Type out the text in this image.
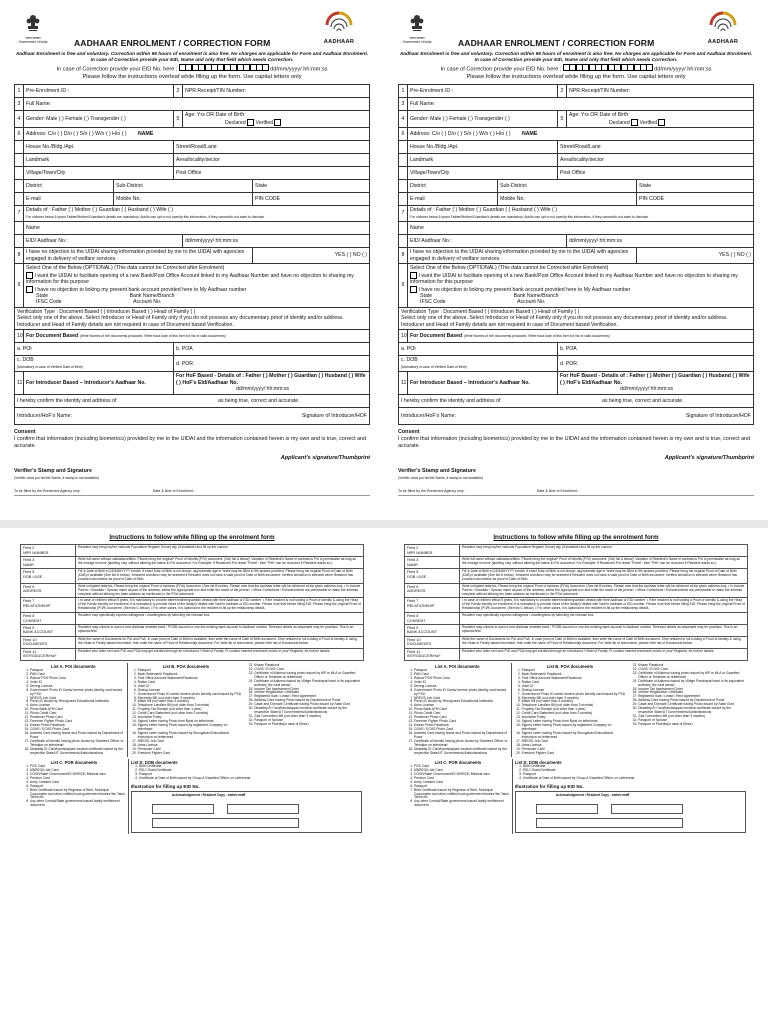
भारत सरकार
Government of India	AADHAAR ENROLMENT / CORRECTION FORM	AADHAAR
Aadhaar Enrolment is free and voluntary. Correction within 96 hours of enrolment is also free. No charges are applicable for Form and Aadhaar Enrolment. In case of Correction provide your EID, Name and only that field which needs Correction.
In case of Correction provide your EID No. here :	dd/mm/yyyy/ hh:mm:ss
Please follow the instructions overleaf while filling up the form. Use capital letters only
1	Pre-Enrolment ID :		2	NPR Receipt/TIN Number:	
3	Full Name:				
4	Gender: Male ( ) Female ( ) Transgender ( )		5	Age: Yrs OR Date of Birth:
Declared Verified	
6	Address: C/o ( ) D/o ( ) S/o ( ) W/o ( ) H/o ( ) NAME				
	House No./Bldg./Apt.		Street/Road/Lane		
	Landmark		Area/locality/sector		
	Village/Town/City		Post Office		
	District	Sub-District			State
	E-mail	Mobile No.			PIN CODE
7	Details of : Father ( ) Mother ( ) Guardian ( ) Husband ( ) Wife ( )
For children below 5 years Father/Mother/Guardian's details are mandatory. Adults can opt to not specify this information, if they cannot/do not want to disclose.				
	Name				
	EID/ Aadhaar No.:			dd/mm/yyyy/ hh:mm:ss	
8	I have no objection to the UIDAI sharing information provided by me to the UIDAI with agencies engaged in delivery of welfare services.				YES ( ) NO ( )
9	Select One of the Below (OPTIONAL) (This data cannot be Corrected after Enrolment)
I want the UIDAI to facilitate opening of a new Bank/Post Office Account linked to my Aadhaar Number and have no objection to sharing my information for this purpose
I have no objection to linking my present bank account provided here to My Aadhaar number
State Bank Name/Branch
IFSC Code Account No.				
Verification Type : Document Based ( ) Introducer Based ( ) Head of Family ( )
Select only one of the above. Select Introducer or Head of Family only if you do not possess any documentary proof of identity and/or address. Introducer and Head of Family details are not required in case of Document based Verification.					
10	For Document Based (Write Names of the documents produced, Refer back side of this form for list of valid documents)				
a. POI			b. POA		
c. DOB
(Mandatory in case of Verified Date of Birth)			d. POR		
11	For Introducer Based – Introducer's Aadhaar No.		For HoF Based - Details of : Father ( ) Mother ( ) Guardian ( ) Husband ( ) Wife ( ) HoF's EId/Aadhaar No.
dd/mm/yyyy/ hh:mm:ss		
I hereby confirm the identity and address of as being true, correct and accurate.					
Introducer/HoF's Name: Signature of Introducer/HOF					
Consent
I confirm that information (including biometrics) provided by me to the UIDAI and the information contained herein is my own and is true, correct and accurate.
Applicant's signature/Thumbprint
Verifier's Stamp and Signature
(Verifier must put his/her Name, if stamp is not available)
To be filled by the Enrolment Agency only :	Date & time of Enrolment :
भारत सरकार
Government of India	AADHAAR ENROLMENT / CORRECTION FORM	AADHAAR
Aadhaar Enrolment is free and voluntary. Correction within 96 hours of enrolment is also free. No charges are applicable for Form and Aadhaar Enrolment. In case of Correction provide your EID, Name and only that field which needs Correction.
In case of Correction provide your EID No. here :	dd/mm/yyyy/ hh:mm:ss
Please follow the instructions overleaf while filling up the form. Use capital letters only
1	Pre-Enrolment ID :		2	NPR Receipt/TIN Number:	
3	Full Name:				
4	Gender: Male ( ) Female ( ) Transgender ( )		5	Age: Yrs OR Date of Birth:
Declared Verified	
6	Address: C/o ( ) D/o ( ) S/o ( ) W/o ( ) H/o ( ) NAME				
	House No./Bldg./Apt.		Street/Road/Lane		
	Landmark		Area/locality/sector		
	Village/Town/City		Post Office		
	District	Sub-District			State
	E-mail	Mobile No.			PIN CODE
7	Details of : Father ( ) Mother ( ) Guardian ( ) Husband ( ) Wife ( )
For children below 5 years Father/Mother/Guardian's details are mandatory. Adults can opt to not specify this information, if they cannot/do not want to disclose.				
	Name				
	EID/ Aadhaar No.:			dd/mm/yyyy/ hh:mm:ss	
8	I have no objection to the UIDAI sharing information provided by me to the UIDAI with agencies engaged in delivery of welfare services.				YES ( ) NO ( )
9	Select One of the Below (OPTIONAL) (This data cannot be Corrected after Enrolment)
I want the UIDAI to facilitate opening of a new Bank/Post Office Account linked to my Aadhaar Number and have no objection to sharing my information for this purpose
I have no objection to linking my present bank account provided here to My Aadhaar number
State Bank Name/Branch
IFSC Code Account No.				
Verification Type : Document Based ( ) Introducer Based ( ) Head of Family ( )
Select only one of the above. Select Introducer or Head of Family only if you do not possess any documentary proof of identity and/or address. Introducer and Head of Family details are not required in case of Document based Verification.					
10	For Document Based (Write Names of the documents produced, Refer back side of this form for list of valid documents)				
a. POI			b. POA		
c. DOB
(Mandatory in case of Verified Date of Birth)			d. POR		
11	For Introducer Based – Introducer's Aadhaar No.		For HoF Based - Details of : Father ( ) Mother ( ) Guardian ( ) Husband ( ) Wife ( ) HoF's EId/Aadhaar No.
dd/mm/yyyy/ hh:mm:ss		
I hereby confirm the identity and address of as being true, correct and accurate.					
Introducer/HoF's Name: Signature of Introducer/HOF					
Consent
I confirm that information (including biometrics) provided by me to the UIDAI and the information contained herein is my own and is true, correct and accurate.
Applicant's signature/Thumbprint
Verifier's Stamp and Signature
(Verifier must put his/her Name, if stamp is not available)
To be filled by the Enrolment Agency only :	Date & time of Enrolment :
Instructions to follow while filling up the enrolment form
Field 2
NPR NUMBER	Resident may bring his/her National Population Register Survey slip (if available) and fill up the column.
Field 3
NAME	Write full name without salutations/titles. Please bring the original* Proof of Identity (POI) document. (See list A below). Variation in Resident's Name in contrast to PoI is permissible as long as the change is minor (spelling only, without altering the Name in PoI document. For Example: If Resident's PoI reads "Preeti", then "Priti" can be recorded if Resident wants so.)
Field 5
DOB / AGE	Fill in Date of Birth in DD/MM/YYYY format. If exact Date of Birth is not known, approximate age in Years may be filled in the spaces provided. Please bring the original Proof of Date of Birth (DoB) if available (See list D below). Declared checkbox may be selected if Resident does not have a valid proof of Date of Birth document. Verified checkbox is selected when Resident has provided documents as proof of Date of Birth.
Field 6
ADDRESS	Write complete address. Please bring the original Proof of Address (POA) document. (See list B below). Please note that the Aadhaar letter will be delivered at the given address only. • In include Parent / Guardian / Spouse name as part of the address, select the appropriate box and enter the name of the person. • Minor Corrections / Enhancements are permissible to make the address complete without altering the base address as mentioned in the POA document.
Field 7
RELATIONSHIP	• In case of children below 5 years, it is mandatory to provide father/mother/guardian details with their Aadhaar or EID number. • If the resident is not holding a Proof of Identity & using the Head of the Family identity for enrolment, it is mandatory to provide Head of the family's details with his/her Aadhaar or EID number. Please note that before filling EID. Please bring the original Proof of Relationship (POR) document. (See list C below). • For other cases, it is optional for the resident to fill up the relationship details.
Field 8
CONSENT	Resident may specifically express willingness / unwillingness by selecting the relevant box.
Field 9
BANK ACCOUNT	Resident may choose to open a new Aadhaar enabled bank / POSB account or can link existing bank account to Aadhaar number. Relevant details as requested may be provided. This is an optional field.
Field 10
DOCUMENTS	Write the name of Documents for PoI and PoA. In case proof of Date of Birth is available, then write the name of Date of Birth document. If the resident is not holding a Proof of Identity & using the Head of Family based enrolment, then write the name of Proof of Relationship document. For Valid list of documents, please refer list of Documents below.
Field 11
INTRODUCER/HoF	Resident who does not have POI and POA may get enrolled through an Introduced / Head of Family. PI contact nearest enrolment centre or your Registrar, for further details.
List A. POI documents
1. Passport
2. PAN Card
3. Ration/ PDS Photo Card
4. Voter ID
5. Driving License
6. Government Photo ID Cards/ service photo identity card issued by PSU
7. NREGS Job Card
8. Photo ID issued by Recognized Educational Institution
9. Arms License
10. Photo Bank ATM Card
11. Photo Credit Card
12. Pensioner Photo Card
13. Freedom Fighter Photo Card
14. Kissan Photo Passbook
15. CGHS / ECHS Photo Card
16. Address Card having Name and Photo issued by Department of Posts
17. Certificate of Identify having photo issued by Gazetted Officer or Tehsildar on letterhead
18. Disability ID Card/handicapped medical certificate issued by the respective State/UT Governments/Administrations
List B. POA documents
1. Passport
2. Bank Statement/ Passbook
3. Post Office Account Statement/Passbook
4. Ration Card
5. Voter ID
6. Driving License
7. Government Photo ID cards/ service photo identity card issued by PSU
8. Electricity Bill (not older than 3 months)
9. Water bill (not older than 3 months)
10. Telephone Landline Bill (not older than 3 months)
11. Property Tax Receipt (not older than 1 year)
12. Credit Card Statement (not older than 3 months)
13. Insurance Policy
14. Signed Letter having Photo from Bank on letterhead
15. Signed Letter having Photo issued by registered Company on letterhead
16. Signed Letter having Photo issued by Recognized Educational Instruction on letterhead
17. NREGS Job Card
18. Arms License
19. Pensioner Card
20. Freedom Fighter Card
21. Kissan Passbook
22. CGHS / ECHS Card
23. Certificate of Address having photo issued by MP or MLA or Gazetted Officer or Tehsildar on letterhead
24. Certificate of Address issued by Village Panchayat head or its equivalent authority (for rural areas)
25. Income Tax Assessment Order
26. Vehicle Registration Certificate
27. Registered Sale / Lease / Rent Agreement
28. Address Card having Photo issued by Department of Posts
29. Caste and Domicile Certificate having Photo issued by State Govt.
30. Disability ID Card/handicapped medical certificate issued by the respective State/UT Governments/Administrations
31. Gas Connection Bill (not older than 3 months)
32. Passport of Spouse
33. Passport of Parents(in case of Minor)
List C. POR documents
1. PDS Card
2. MNREGA Job Card
3. CGHS/State Government/ECHS/ESIC Medical card
4. Pension Card
5. Army Canteen Card
6. Passport
7. Birth Certificate issued by Registrar of Birth, Municipal Corporation and other notified local government bodies like Taluk, Tehsil etc.
8. Any other Central/State government issued family entitlement document.
List D. DOB documents
1. Birth Certificate
2. SSLC Book/Certificate
3. Passport
4. Certificate of Date of Birth issued by Group A Gazetted Officer on Letterhead
Illustration for filling up EID No.
Acknowledgement / Resident Copy - नामांकन पावती
Instructions to follow while filling up the enrolment form
Field 2
NPR NUMBER	Resident may bring his/her National Population Register Survey slip (if available) and fill up the column.
Field 3
NAME	Write full name without salutations/titles. Please bring the original* Proof of Identity (POI) document. (See list A below). Variation in Resident's Name in contrast to PoI is permissible as long as the change is minor (spelling only, without altering the Name in PoI document. For Example: If Resident's PoI reads "Preeti", then "Priti" can be recorded if Resident wants so.)
Field 5
DOB / AGE	Fill in Date of Birth in DD/MM/YYYY format. If exact Date of Birth is not known, approximate age in Years may be filled in the spaces provided. Please bring the original Proof of Date of Birth (DoB) if available (See list D below). Declared checkbox may be selected if Resident does not have a valid proof of Date of Birth document. Verified checkbox is selected when Resident has provided documents as proof of Date of Birth.
Field 6
ADDRESS	Write complete address. Please bring the original Proof of Address (POA) document. (See list B below). Please note that the Aadhaar letter will be delivered at the given address only. • In include Parent / Guardian / Spouse name as part of the address, select the appropriate box and enter the name of the person. • Minor Corrections / Enhancements are permissible to make the address complete without altering the base address as mentioned in the POA document.
Field 7
RELATIONSHIP	• In case of children below 5 years, it is mandatory to provide father/mother/guardian details with their Aadhaar or EID number. • If the resident is not holding a Proof of Identity & using the Head of the Family identity for enrolment, it is mandatory to provide Head of the family's details with his/her Aadhaar or EID number. Please note that before filling EID. Please bring the original Proof of Relationship (POR) document. (See list C below). • For other cases, it is optional for the resident to fill up the relationship details.
Field 8
CONSENT	Resident may specifically express willingness / unwillingness by selecting the relevant box.
Field 9
BANK ACCOUNT	Resident may choose to open a new Aadhaar enabled bank / POSB account or can link existing bank account to Aadhaar number. Relevant details as requested may be provided. This is an optional field.
Field 10
DOCUMENTS	Write the name of Documents for PoI and PoA. In case proof of Date of Birth is available, then write the name of Date of Birth document. If the resident is not holding a Proof of Identity & using the Head of Family based enrolment, then write the name of Proof of Relationship document. For Valid list of documents, please refer list of Documents below.
Field 11
INTRODUCER/HoF	Resident who does not have POI and POA may get enrolled through an Introduced / Head of Family. PI contact nearest enrolment centre or your Registrar, for further details.
List A. POI documents
1. Passport
2. PAN Card
3. Ration/ PDS Photo Card
4. Voter ID
5. Driving License
6. Government Photo ID Cards/ service photo identity card issued by PSU
7. NREGS Job Card
8. Photo ID issued by Recognized Educational Institution
9. Arms License
10. Photo Bank ATM Card
11. Photo Credit Card
12. Pensioner Photo Card
13. Freedom Fighter Photo Card
14. Kissan Photo Passbook
15. CGHS / ECHS Photo Card
16. Address Card having Name and Photo issued by Department of Posts
17. Certificate of Identify having photo issued by Gazetted Officer or Tehsildar on letterhead
18. Disability ID Card/handicapped medical certificate issued by the respective State/UT Governments/Administrations
List B. POA documents
1. Passport
2. Bank Statement/ Passbook
3. Post Office Account Statement/Passbook
4. Ration Card
5. Voter ID
6. Driving License
7. Government Photo ID cards/ service photo identity card issued by PSU
8. Electricity Bill (not older than 3 months)
9. Water bill (not older than 3 months)
10. Telephone Landline Bill (not older than 3 months)
11. Property Tax Receipt (not older than 1 year)
12. Credit Card Statement (not older than 3 months)
13. Insurance Policy
14. Signed Letter having Photo from Bank on letterhead
15. Signed Letter having Photo issued by registered Company on letterhead
16. Signed Letter having Photo issued by Recognized Educational Instruction on letterhead
17. NREGS Job Card
18. Arms License
19. Pensioner Card
20. Freedom Fighter Card
21. Kissan Passbook
22. CGHS / ECHS Card
23. Certificate of Address having photo issued by MP or MLA or Gazetted Officer or Tehsildar on letterhead
24. Certificate of Address issued by Village Panchayat head or its equivalent authority (for rural areas)
25. Income Tax Assessment Order
26. Vehicle Registration Certificate
27. Registered Sale / Lease / Rent Agreement
28. Address Card having Photo issued by Department of Posts
29. Caste and Domicile Certificate having Photo issued by State Govt.
30. Disability ID Card/handicapped medical certificate issued by the respective State/UT Governments/Administrations
31. Gas Connection Bill (not older than 3 months)
32. Passport of Spouse
33. Passport of Parents(in case of Minor)
List C. POR documents
1. PDS Card
2. MNREGA Job Card
3. CGHS/State Government/ECHS/ESIC Medical card
4. Pension Card
5. Army Canteen Card
6. Passport
7. Birth Certificate issued by Registrar of Birth, Municipal Corporation and other notified local government bodies like Taluk, Tehsil etc.
8. Any other Central/State government issued family entitlement document.
List D. DOB documents
1. Birth Certificate
2. SSLC Book/Certificate
3. Passport
4. Certificate of Date of Birth issued by Group A Gazetted Officer on Letterhead
Illustration for filling up EID No.
Acknowledgement / Resident Copy - नामांकन पावती
